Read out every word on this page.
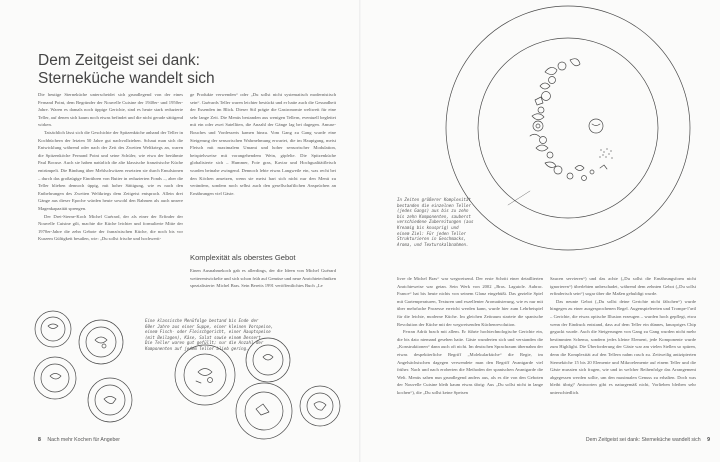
Dem Zeitgeist sei dank:
Sterneküche wandelt sich

Die heutige Sterneküche unterscheidet sich grundlegend von der eines Fernand Point, dem Begründer der Nouvelle Cuisine der 1940er- und 1950er-Jahre. Waren es damals noch üppige Gerichte, sind es heute stark reduzierte Teller, auf denen sich kaum noch etwas befindet und die nicht gerade sättigend wirken.

Tatsächlich lässt sich die Geschichte der Spitzenküche anhand der Teller in Kochbüchern der letzten 50 Jahre gut nachvollziehen. Schaut man sich die Entwicklung während oder nach der Zeit des Zweiten Weltkriegs an, waren die Spitzenköche Fernand Point und seine Schüler, wie etwa der berühmte Paul Bocuse. Auch sie haben natürlich die alte klassische französische Küche entrümpelt. Die Bindung über Mehlschwitzen ersetzten sie durch Emulsionen – durch das großzügige Einrühren von Butter in reduzierten Fonds –, aber die Teller blieben dennoch üppig, mit hoher Sättigung, wie es nach den Entbehrungen des Zweiten Weltkriegs dem Zeitgeist entsprach. Allein drei Gänge aus dieser Epoche würden heute sowohl den Rahmen als auch unsere Magenkapazität sprengen.

Der Drei-Sterne-Koch Michel Guérard, der als einer der Erfinder der Nouvelle Cuisine gilt, machte die Küche leichter und formulierte Mitte der 1970er-Jahre die zehn Gebote der französischen Küche, die noch bis vor Kurzem Gültigkeit besaßen, wie: „Du sollst frische und hochwerti-

ge Produkte verwenden“ oder „Du sollst nicht systematisch modernistisch sein“. Guérards Teller waren leichter bestückt und er hatte auch die Gesundheit der Essenden im Blick. Dieser Stil prägte die Gastronomie weltweit für eine sehr lange Zeit. Die Menüs bestanden aus wenigen Tellern, eventuell begleitet mit ein oder zwei Satelliten, die Anzahl der Gänge lag bei dagegen. Amuse-Bouches und Vordesserts kamen hinzu. Vom Gang zu Gang wurde eine Steigerung der sensorischen Wahrnehmung erwartet, die im Hauptgang, meist Fleisch mit maximalem Umami und hoher sensorischer Modulation, beispielsweise mit vorangehendem Wein, gipfelte. Die Spitzenküche globalisierte sich – Hummer, Foie gras, Kaviar und Hochgualitätfleisch wurden beinahe zwingend. Dennoch lebte etwas Langweile ein, was recht bei den Köchen ansetzen, wenn sie meist hart sich nicht nur den Menü zu verändern, sondern noch selbst auch den gesellschaftlichen Ansprüchen an Ernährungen viel Gäste.

Komplexität als oberstes Gebot

Einen Ausnahmekoch gab es allerdings, der die Ideen von Michel Guérard weiterentwickelte und sich schon früh auf Gemüse und neue Anrichtetechniken spezialisierte: Michel Bras. Sein Bereits 1991 veröffentlichtes Buch „Le

Eine klassische Menüfolge bestand bis Ende der
60er Jahre aus einer Suppe, einer kleinen Vorspeise,
einem Fisch- oder Fleischgericht, einer Hauptspeise
(mit Beilagen), Käse, Salat sowie einem Dessert.
Die Teller waren gut gefüllt; nur die Anzahl der
Komponenten auf jedem Teller blieb gering.
8 Nach mehr Kochen für Angeber
In Zeiten größerer Komplexität
bestanden die einzelnen Teller
(jedes Gangs) aus bis zu zehn
bis zehn Komponenten, sauberst
verschiedene Zubereitungen (aus
Kreamig bis knusprig) und
einem Ziel: Für jeden Teller
Strukturieren in Geschmacks,
Aroma, und Texturskalbnahmen.

livre de Michel Bras“ war wegweisend. Der erste Schritt einer detaillierten Anrichteweise war getan. Sein Werk von 2002 „Bras. Laguiole. Aubrac. France“ hat bis heute nichts von seinem Glanz eingebüßt. Das gezielte Spiel mit Gartemperaturen, Texturen und exzellenter Aromatisierung, wie es nur mit über mehrfache Prozesse erreicht werden kann, wurde hier zum Lehrbeispiel für die leichte, moderne Küche. Im gleichen Zeitraum startete die spanische Revolution der Küche mit der wegweisenden Küchenrevolution.

Ferran Adrià brach mit allem. Er führte hochtechnologische Gerichte ein, die bis dato niemand gesehen hatte. Gäste wunderten sich und verstanden die „Konstruktionen“ dann auch oft nicht. Im deutschen Sprachraum übernahm der etwas despektierliche Begriff „Molekularküche“ die Regie, im Angelsächsischen dagegen verwendete man den Begriff Avantgarde viel früher. Nach und nach eroberten die Methoden der spanischen Avantgarde die Welt. Menüs sahen nun grundlegend anders aus, als es die von den Geboten der Nouvelle Cuisine bleib kaum etwas übrig: Aus „Du sollst nicht in lange kochen“), die „Du sollst keine Speisen

Saucen servieren“) und das achte („Du sollst die Ernährungsform nicht ignorieren“) überlebten unbeschadet, während dem zehnten Gebot („Du sollst erfinderisch sein“) sogar über die Maßen gehuldigt wurde.

Das neunte Gebot („Du sollst deine Gerichte nicht fälschen“) wurde hingegen zu einer ausgesprochenen Regel. Augenspielereien und Trompe-l’œil – Gerichte, die etwas optische Illusion erzeugen – wurden hoch gepflegt, etwa wenn der Eindruck entstand, dass auf dem Teller ein dünnes, knuspriges Chip geguckt wurde. Auch die Steigerungen von Gang zu Gang wurden nicht mehr bestimmten Schema, sondern jedes kleine Element, jede Komponente wurde zum Highlight. Die Überforderung der Gäste war am vielen Stellen so spüren, denn die Komplexität auf den Tellern nahm rasch zu. Zeitweilig antizipierten Sterneköche 15 bis 20 Elemente und Mikroelemente auf einem Teller und die Gäste mussten sich fragen, wie und in welcher Reihenfolge das Arrangement abgegessen werden sollte, um den maximalen Genuss zu erhalten. Doch was bleibt übrig? Antworten gibt es naturgemäß nicht, Vorlieben bleiben sehr unterschiedlich.

Dem Zeitgeist sei dank: Sterneküche wandelt sich 9
